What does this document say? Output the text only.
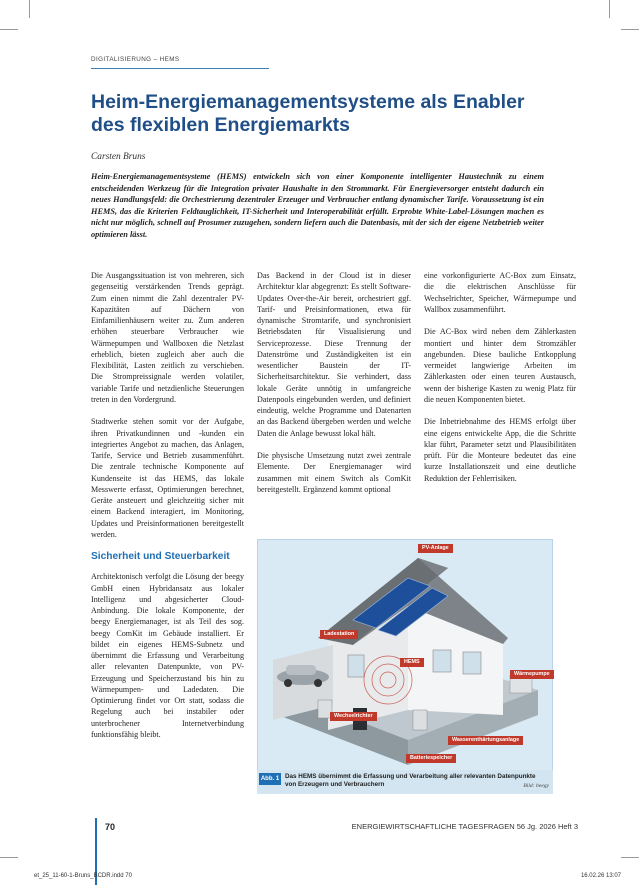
DIGITALISIERUNG – HEMS
Heim-Energiemanagementsysteme als Enabler
des flexiblen Energiemarkts
Carsten Bruns
Heim-Energiemanagementsysteme (HEMS) entwickeln sich von einer Komponente intelligenter Haustechnik zu einem entscheidenden Werkzeug für die Integration privater Haushalte in den Strommarkt. Für Energieversorger entsteht dadurch ein neues Handlungsfeld: die Orchestrierung dezentraler Erzeuger und Verbraucher entlang dynamischer Tarife. Voraussetzung ist ein HEMS, das die Kriterien Feldtauglichkeit, IT-Sicherheit und Interoperabilität erfüllt. Erprobte White-Label-Lösungen machen es nicht nur möglich, schnell auf Prosumer zuzugehen, sondern liefern auch die Datenbasis, mit der sich der eigene Netzbetrieb weiter optimieren lässt.

Die Ausgangssituation ist von mehreren, sich gegenseitig verstärkenden Trends geprägt. Zum einen nimmt die Zahl dezentraler PV-Kapazitäten auf Dächern von Einfamilienhäusern weiter zu. Zum anderen erhöhen steuerbare Verbraucher wie Wärmepumpen und Wallboxen die Netzlast erheblich, bieten zugleich aber auch die Flexibilität, Lasten zeitlich zu verschieben. Die Strompreissignale werden volatiler, variable Tarife und netzdienliche Steuerungen treten in den Vordergrund.

Stadtwerke stehen somit vor der Aufgabe, ihren Privatkundinnen und -kunden ein integriertes Angebot zu machen, das Anlagen, Tarife, Service und Betrieb zusammenführt. Die zentrale technische Komponente auf Kundenseite ist das HEMS, das lokale Messwerte erfasst, Optimierungen berechnet, Geräte ansteuert und gleichzeitig sicher mit einem Backend interagiert, im Monitoring, Updates und Preisinformationen bereitgestellt werden.

Sicherheit und Steuerbarkeit

Architektonisch verfolgt die Lösung der beegy GmbH einen Hybridansatz aus lokaler Intelligenz und abgesicherter Cloud-Anbindung. Die lokale Komponente, der beegy Energiemanager, ist als Teil des sog. beegy ComKit im Gebäude installiert. Er bildet ein eigenes HEMS-Subnetz und übernimmt die Erfassung und Verarbeitung aller relevanten Datenpunkte, von PV-Erzeugung und Speicherzustand bis hin zu Wärmepumpen- und Ladedaten. Die Optimierung findet vor Ort statt, sodass die Regelung auch bei instabiler oder unterbrochener Internetverbindung funktionsfähig bleibt.

Das Backend in der Cloud ist in dieser Architektur klar abgegrenzt: Es stellt Software-Updates Over-the-Air bereit, orchestriert ggf. Tarif- und Preisinformationen, etwa für dynamische Stromtarife, und synchronisiert Betriebsdaten für Visualisierung und Serviceprozesse. Diese Trennung der Datenströme und Zuständigkeiten ist ein wesentlicher Baustein der IT-Sicherheitsarchitektur. Sie verhindert, dass lokale Geräte unnötig in umfangreiche Datenpools eingebunden werden, und definiert eindeutig, welche Programme und Datenarten an das Backend übergeben werden und welche Daten die Anlage bewusst lokal hält.

Die physische Umsetzung nutzt zwei zentrale Elemente. Der Energiemanager wird zusammen mit einem Switch als ComKit bereitgestellt. Ergänzend kommt optional

eine vorkonfigurierte AC-Box zum Einsatz, die die elektrischen Anschlüsse für Wechselrichter, Speicher, Wärmepumpe und Wallbox zusammenführt.

Die AC-Box wird neben dem Zählerkasten montiert und hinter dem Stromzähler angebunden. Diese bauliche Entkopplung vermeidet langwierige Arbeiten im Zählerkasten oder einen teuren Austausch, wenn der bisherige Kasten zu wenig Platz für die neuen Komponenten bietet.

Die Inbetriebnahme des HEMS erfolgt über eine eigens entwickelte App, die die Schritte klar führt, Parameter setzt und Plausibilitäten prüft. Für die Monteure bedeutet das eine kurze Installationszeit und eine deutliche Reduktion der Fehlerrisiken.

PV-Anlage
Ladestation
HEMS
Wärmepumpe
Wechselrichter
Wasserenthärtungsanlage
Batteriespeicher
Abb. 1 Das HEMS übernimmt die Erfassung und Verarbeitung aller relevanten Datenpunkte von Erzeugern und Verbrauchern	Bild: beegy
70	ENERGIEWIRTSCHAFTLICHE TAGESFRAGEN 56 Jg. 2026 Heft 3
et_25_11-60-1-Bruns_BCDR.indd 70	16.02.26 13:07
